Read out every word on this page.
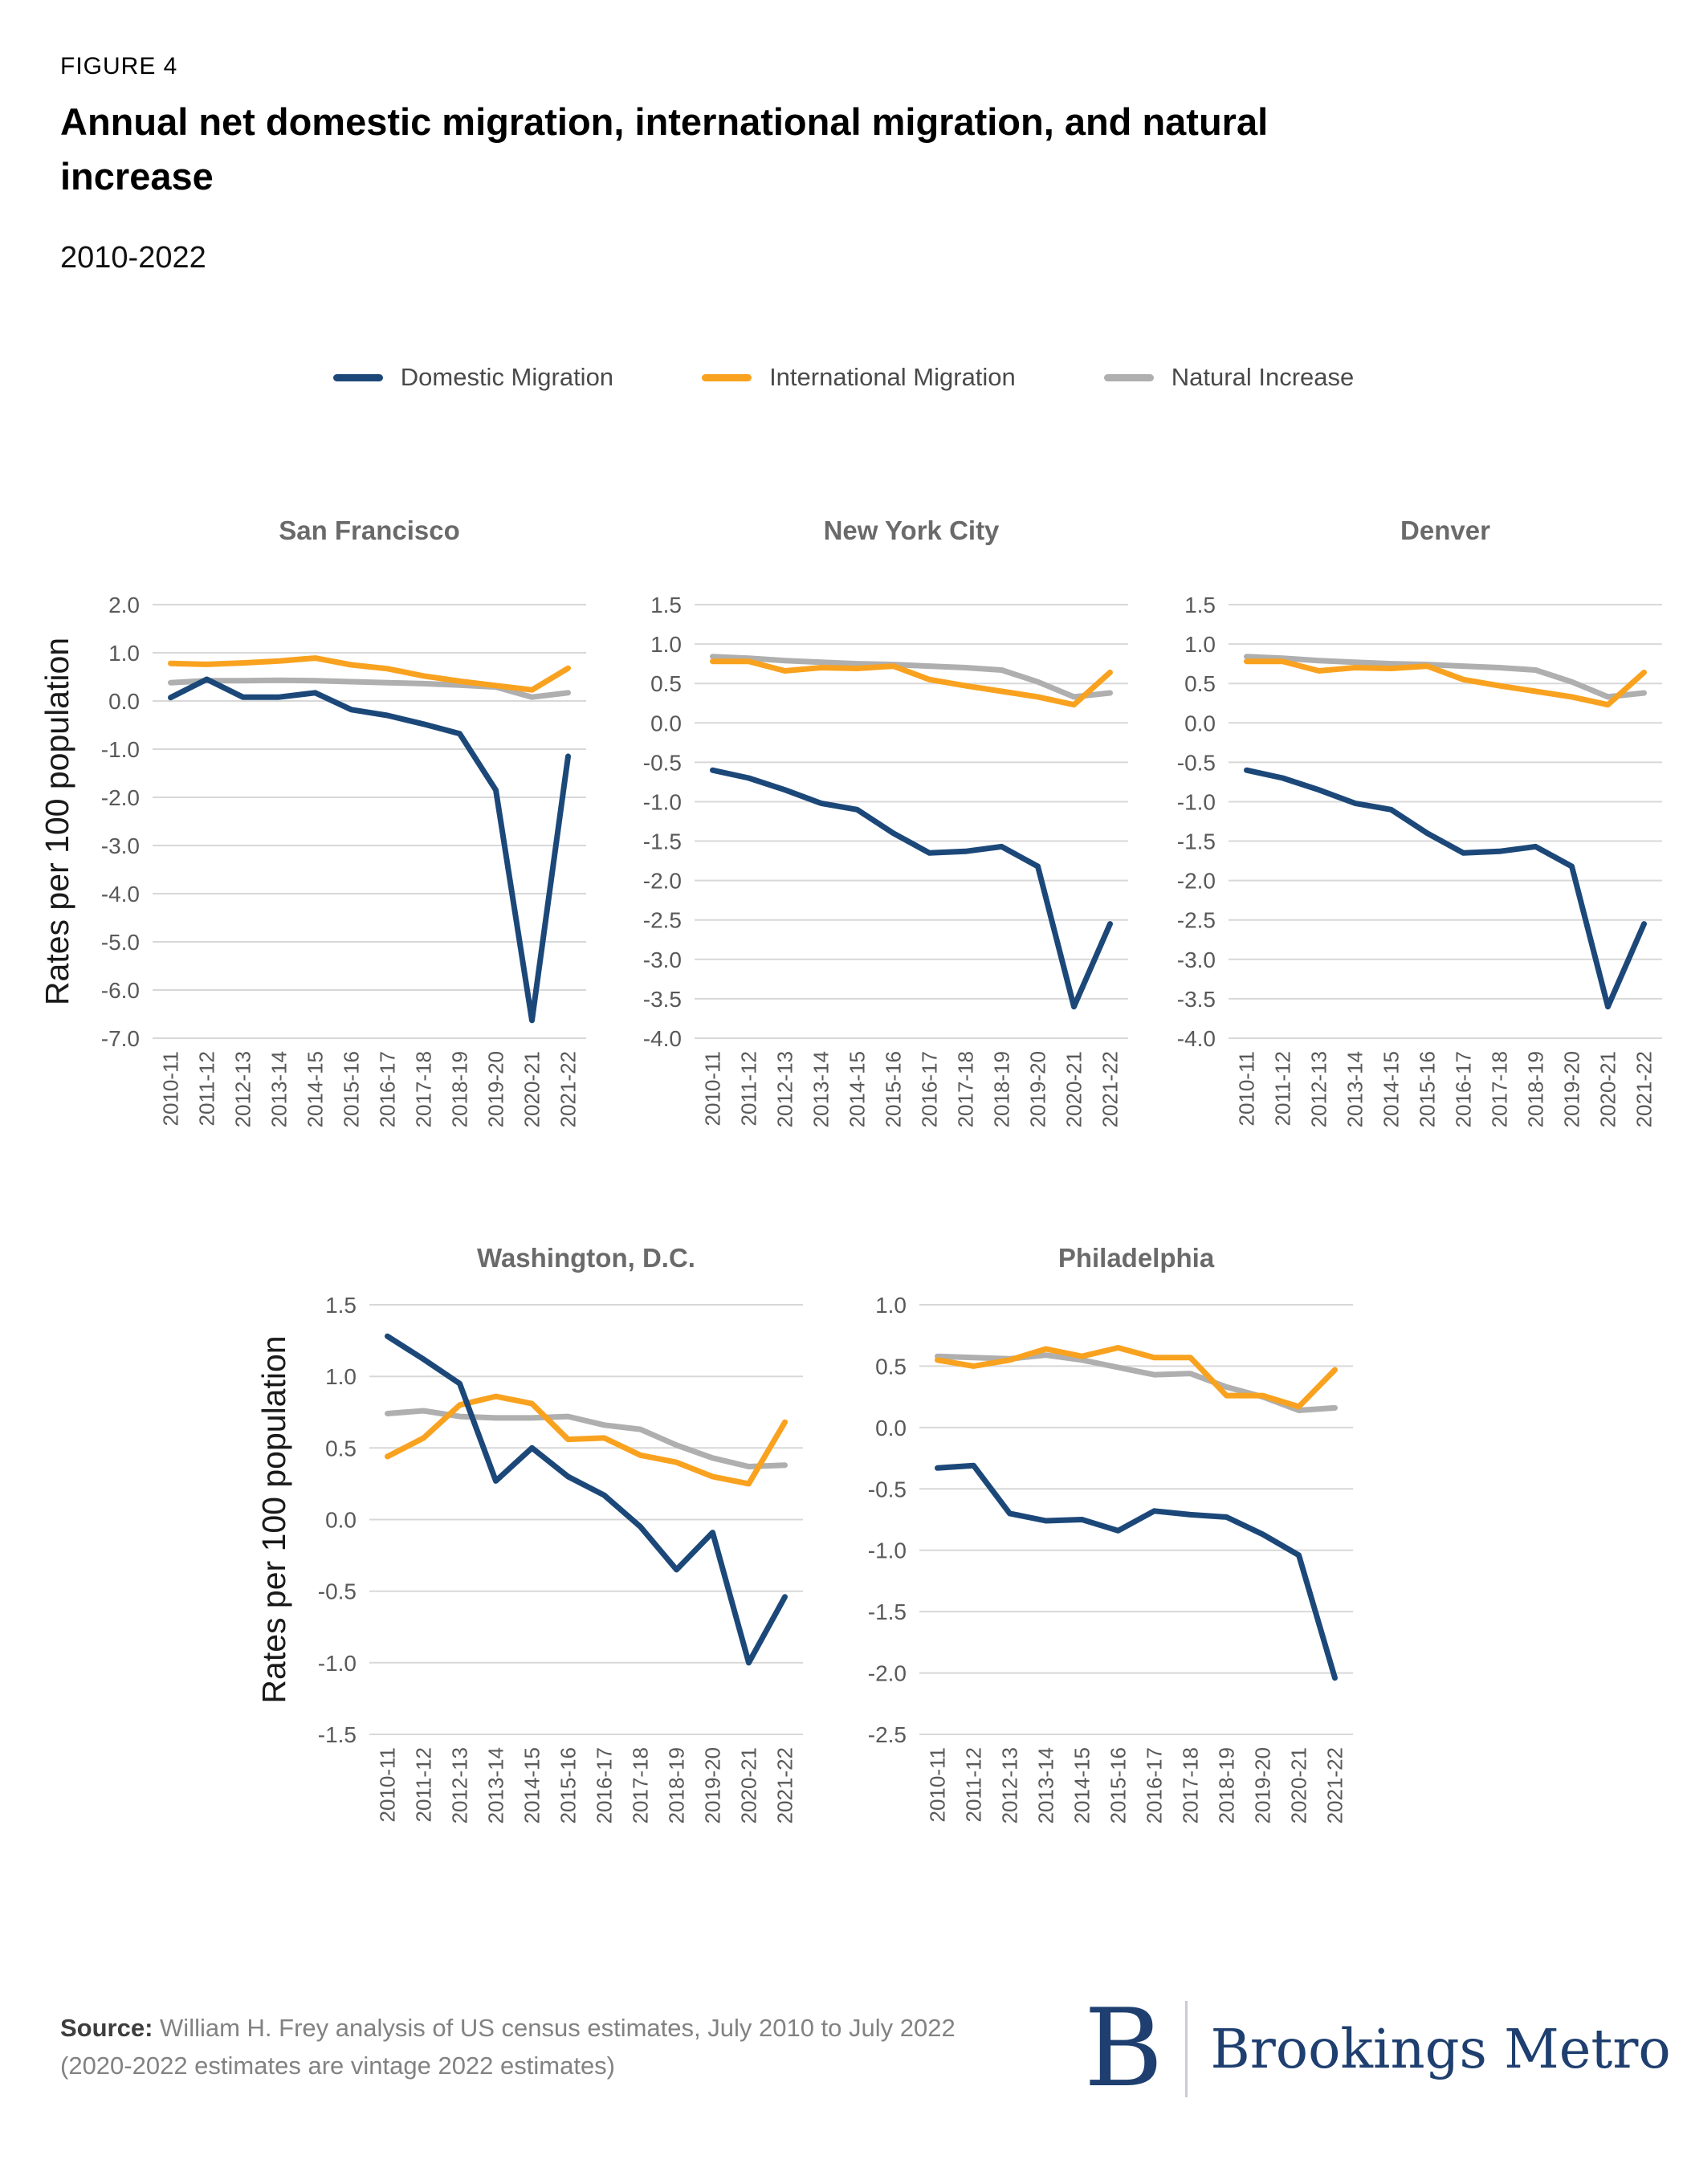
FIGURE 4
Annual net domestic migration, international migration, and natural increase
2010-2022
Domestic Migration	International Migration	Natural Increase
2.0
1.0
0.0
-1.0
-2.0
-3.0
-4.0
-5.0
-6.0
-7.0
2010-11 2011-12 2012-13 2013-14 2014-15 2015-16 2016-17 2017-18 2018-19 2019-20 2020-21 2021-22
San Francisco
Rates per 100 population
1.5
1.0
0.5
0.0
-0.5
-1.0
-1.5
-2.0
-2.5
-3.0
-3.5
-4.0
2010-11 2011-12 2012-13 2013-14 2014-15 2015-16 2016-17 2017-18 2018-19 2019-20 2020-21 2021-22
New York City
1.5
1.0
0.5
0.0
-0.5
-1.0
-1.5
-2.0
-2.5
-3.0
-3.5
-4.0
2010-11 2011-12 2012-13 2013-14 2014-15 2015-16 2016-17 2017-18 2018-19 2019-20 2020-21 2021-22
Denver
1.5
1.0
0.5
0.0
-0.5
-1.0
-1.5
2010-11 2011-12 2012-13 2013-14 2014-15 2015-16 2016-17 2017-18 2018-19 2019-20 2020-21 2021-22
Washington, D.C.
Rates per 100 population
1.0
0.5
0.0
-0.5
-1.0
-1.5
-2.0
-2.5
2010-11 2011-12 2012-13 2013-14 2014-15 2015-16 2016-17 2017-18 2018-19 2019-20 2020-21 2021-22
Philadelphia
Source: William H. Frey analysis of US census estimates, July 2010 to July 2022 (2020-2022 estimates are vintage 2022 estimates)	B Brookings Metro
